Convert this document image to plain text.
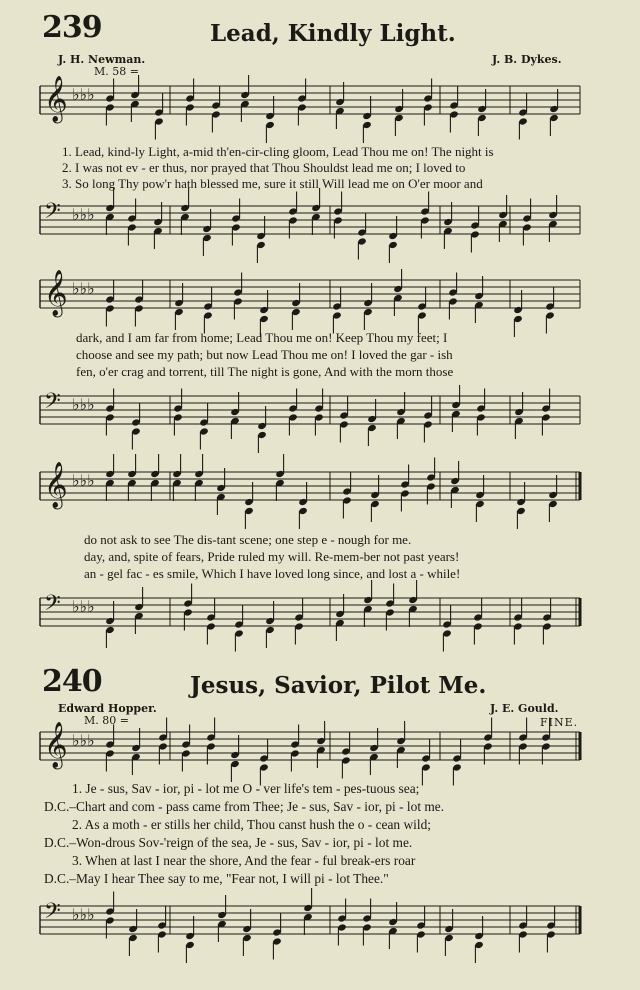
239	Lead, Kindly Light.
J. H. Newman.	J. B. Dykes.
M. 58 =
𝄞 ♭♭♭
1. Lead, kind-ly Light, a-mid th'en-cir-cling gloom, Lead Thou me on! The night is
2. I was not ev - er thus, nor prayed that Thou Shouldst lead me on; I loved to
3. So long Thy pow'r hath blessed me, sure it still Will lead me on O'er moor and
𝄢 ♭♭♭
𝄞 ♭♭♭
dark, and I am far from home; Lead Thou me on! Keep Thou my feet; I
choose and see my path; but now Lead Thou me on! I loved the gar - ish
fen, o'er crag and torrent, till The night is gone, And with the morn those
𝄢 ♭♭♭
𝄞 ♭♭♭
do not ask to see The dis-tant scene; one step e - nough for me.
day, and, spite of fears, Pride ruled my will. Re-mem-ber not past years!
an - gel fac - es smile, Which I have loved long since, and lost a - while!
𝄢 ♭♭♭
240	Jesus, Savior, Pilot Me.
Edward Hopper.	J. E. Gould.
M. 80 =	FINE.
𝄞 ♭♭♭
1. Je - sus, Sav - ior, pi - lot me O - ver life's tem - pes-tuous sea;
D.C.–Chart and com - pass came from Thee; Je - sus, Sav - ior, pi - lot me.
2. As a moth - er stills her child, Thou canst hush the o - cean wild;
D.C.–Won-drous Sov-'reign of the sea, Je - sus, Sav - ior, pi - lot me.
3. When at last I near the shore, And the fear - ful break-ers roar
D.C.–May I hear Thee say to me, "Fear not, I will pi - lot Thee."
𝄢 ♭♭♭
